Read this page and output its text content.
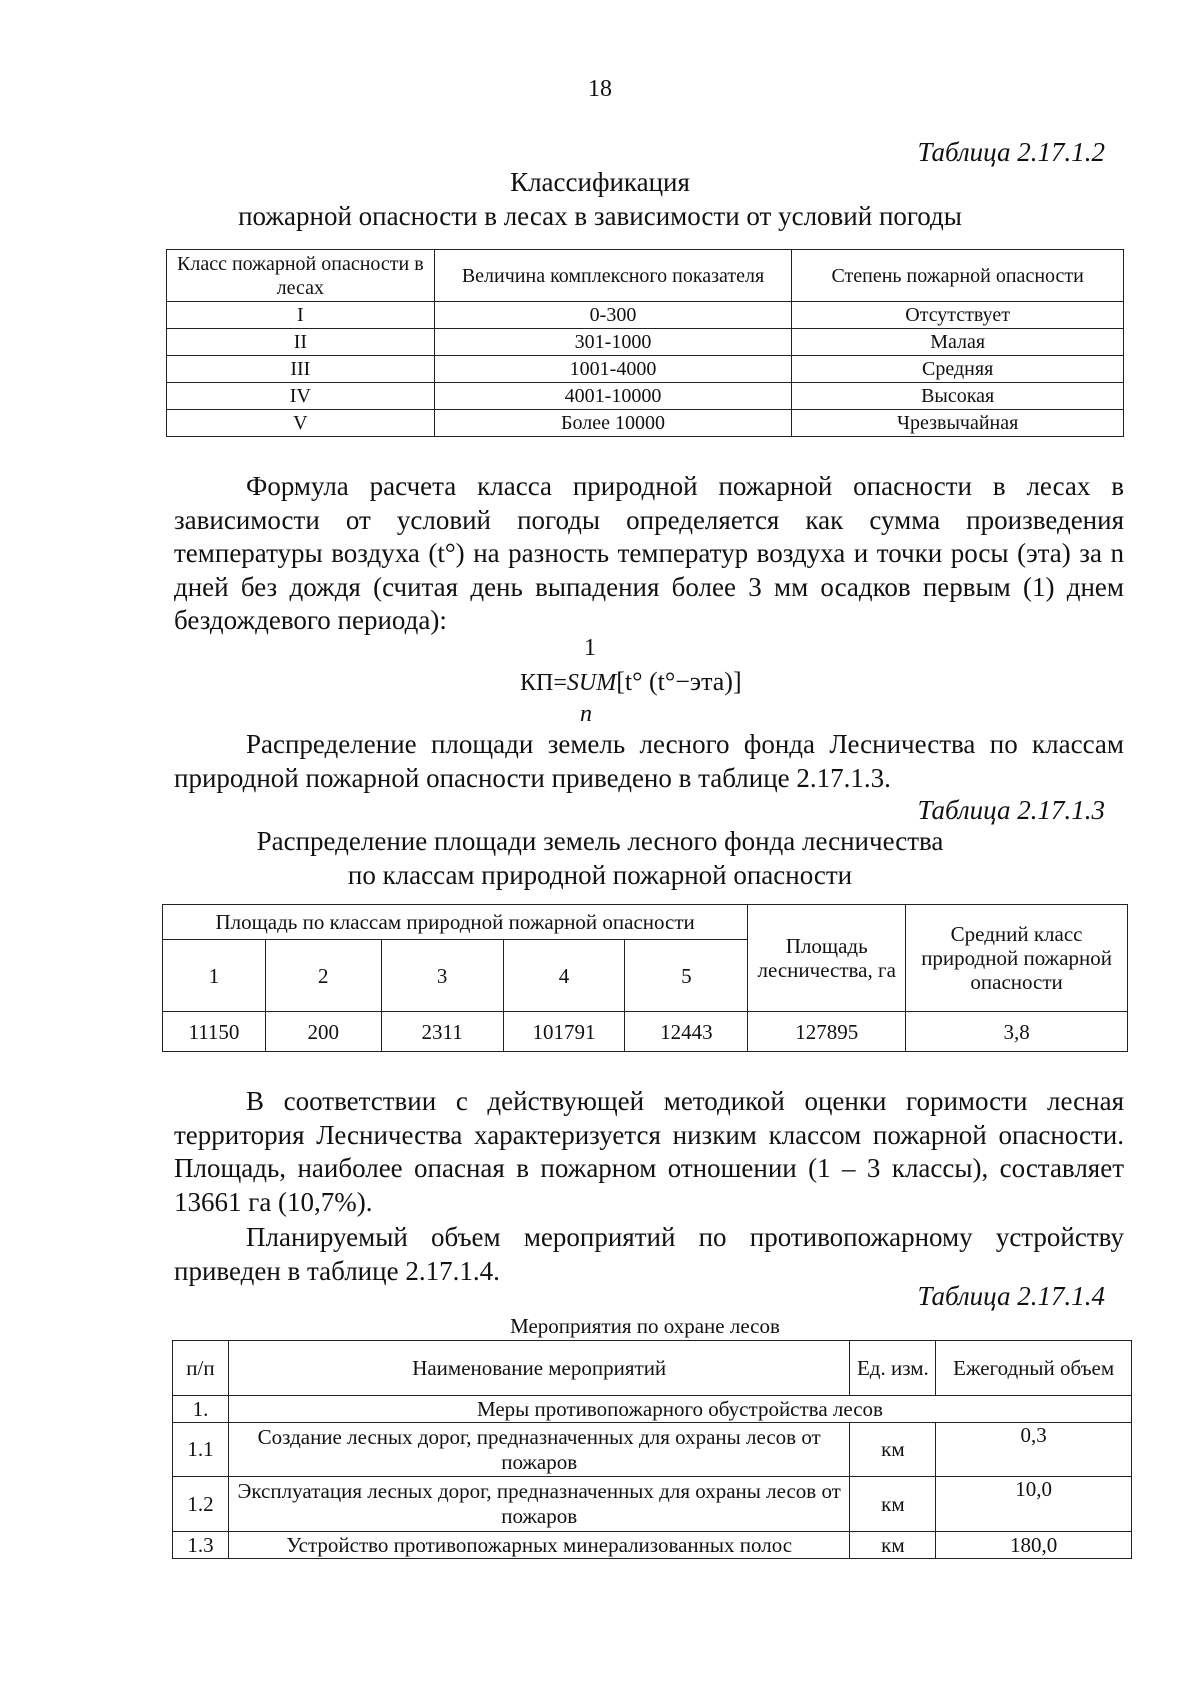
18
Таблица 2.17.1.2
Классификация
пожарной опасности в лесах в зависимости от условий погоды
Класс пожарной опасности в лесах	Величина комплексного показателя	Степень пожарной опасности
I	0-300	Отсутствует
II	301-1000	Малая
III	1001-4000	Средняя
IV	4001-10000	Высокая
V	Более 10000	Чрезвычайная

Формула расчета класса природной пожарной опасности в лесах в зависимости от условий погоды определяется как сумма произведения температуры воздуха (t°) на разность температур воздуха и точки росы (эта) за n дней без дождя (считая день выпадения более 3 мм осадков первым (1) днем бездождевого периода):

1
КП=SUM[t° (t°−эта)]
n

Распределение площади земель лесного фонда Лесничества по классам природной пожарной опасности приведено в таблице 2.17.1.3.

Таблица 2.17.1.3
Распределение площади земель лесного фонда лесничества
по классам природной пожарной опасности
Площадь по классам природной пожарной опасности					Площадь лесничества, га	Средний класс природной пожарной опасности
1	2	3	4	5		
11150	200	2311	101791	12443	127895	3,8

В соответствии с действующей методикой оценки горимости лесная территория Лесничества характеризуется низким классом пожарной опасности. Площадь, наиболее опасная в пожарном отношении (1 – 3 классы), составляет 13661 га (10,7%).

Планируемый объем мероприятий по противопожарному устройству приведен в таблице 2.17.1.4.

Таблица 2.17.1.4
Мероприятия по охране лесов
п/п	Наименование мероприятий	Ед. изм.	Ежегодный объем
1.	Меры противопожарного обустройства лесов		
1.1	Создание лесных дорог, предназначенных для охраны лесов от пожаров	км	0,3
1.2	Эксплуатация лесных дорог, предназначенных для охраны лесов от пожаров	км	10,0
1.3	Устройство противопожарных минерализованных полос	км	180,0
